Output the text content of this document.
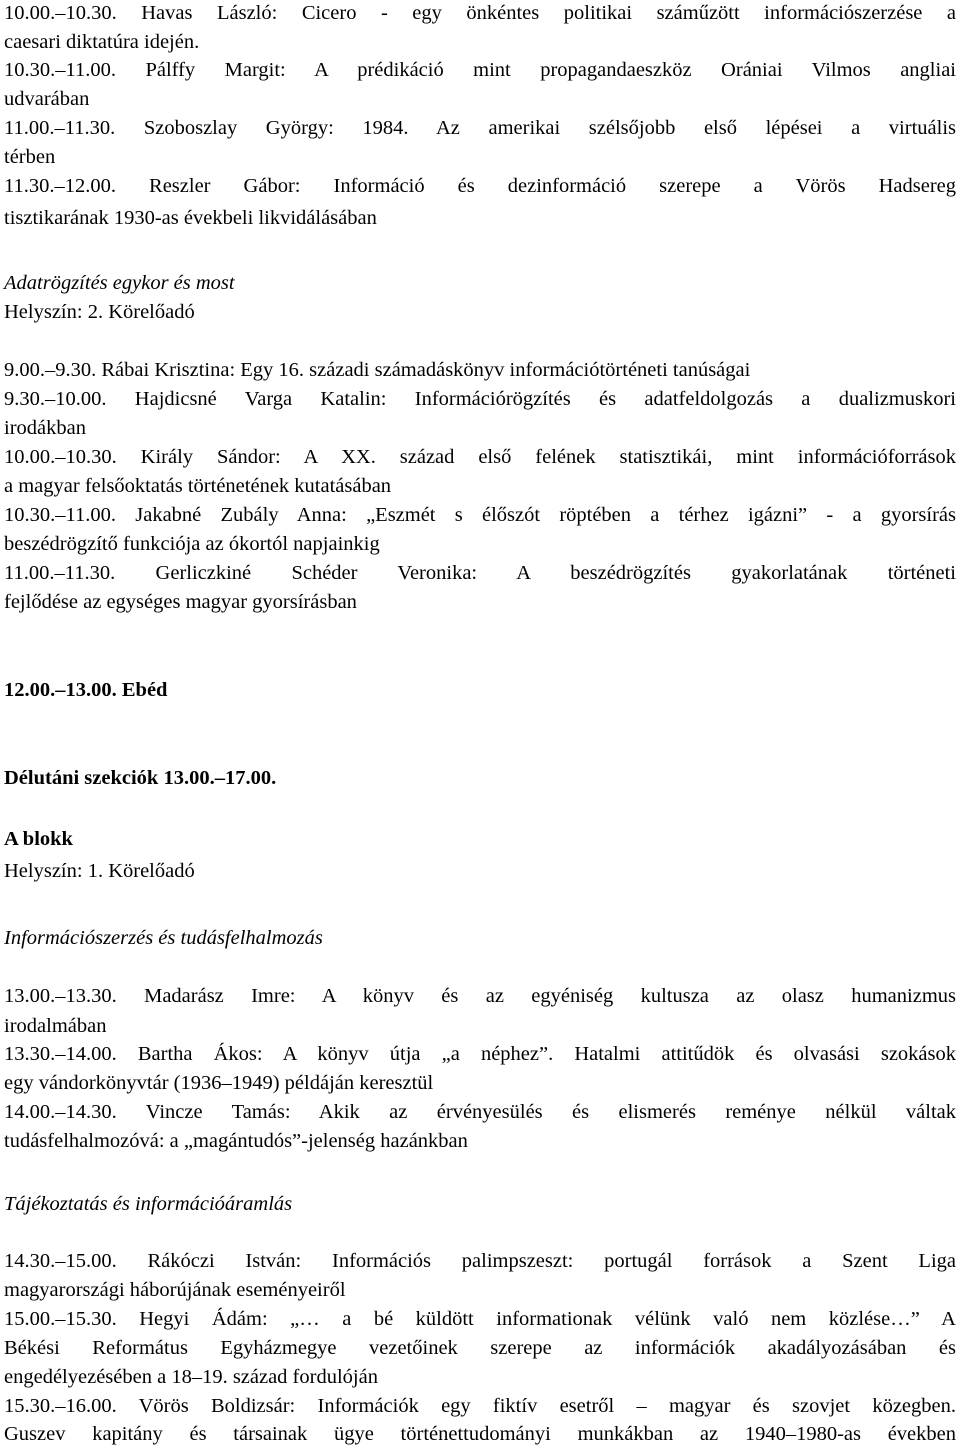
10.00.–10.30. Havas László: Cicero - egy önkéntes politikai száműzött információszerzése a
caesari diktatúra idején.
10.30.–11.00. Pálffy Margit: A prédikáció mint propagandaeszköz Orániai Vilmos angliai
udvarában
11.00.–11.30. Szoboszlay György: 1984. Az amerikai szélsőjobb első lépései a virtuális
térben
11.30.–12.00. Reszler Gábor: Információ és dezinformáció szerepe a Vörös Hadsereg
tisztikarának 1930-as évekbeli likvidálásában
Adatrögzítés egykor és most
Helyszín: 2. Körelőadó
9.00.–9.30. Rábai Krisztina: Egy 16. századi számadáskönyv információtörténeti tanúságai
9.30.–10.00. Hajdicsné Varga Katalin: Információrögzítés és adatfeldolgozás a dualizmuskori
irodákban
10.00.–10.30. Király Sándor: A XX. század első felének statisztikái, mint információforrások
a magyar felsőoktatás történetének kutatásában
10.30.–11.00. Jakabné Zubály Anna: „Eszmét s élőszót röptében a térhez igázni” - a gyorsírás
beszédrögzítő funkciója az ókortól napjainkig
11.00.–11.30. Gerliczkiné Schéder Veronika: A beszédrögzítés gyakorlatának történeti
fejlődése az egységes magyar gyorsírásban
12.00.–13.00. Ebéd
Délutáni szekciók 13.00.–17.00.
A blokk
Helyszín: 1. Körelőadó
Információszerzés és tudásfelhalmozás
13.00.–13.30. Madarász Imre: A könyv és az egyéniség kultusza az olasz humanizmus
irodalmában
13.30.–14.00. Bartha Ákos: A könyv útja „a néphez”. Hatalmi attitűdök és olvasási szokások
egy vándorkönyvtár (1936–1949) példáján keresztül
14.00.–14.30. Vincze Tamás: Akik az érvényesülés és elismerés reménye nélkül váltak
tudásfelhalmozóvá: a „magántudós”-jelenség hazánkban
Tájékoztatás és információáramlás
14.30.–15.00. Rákóczi István: Információs palimpszeszt: portugál források a Szent Liga
magyarországi háborújának eseményeiről
15.00.–15.30. Hegyi Ádám: „… a bé küldött informationak vélünk való nem közlése…” A
Békési Református Egyházmegye vezetőinek szerepe az információk akadályozásában és
engedélyezésében a 18–19. század fordulóján
15.30.–16.00. Vörös Boldizsár: Információk egy fiktív esetről – magyar és szovjet közegben.
Guszev kapitány és társainak ügye történettudományi munkákban az 1940–1980-as években
